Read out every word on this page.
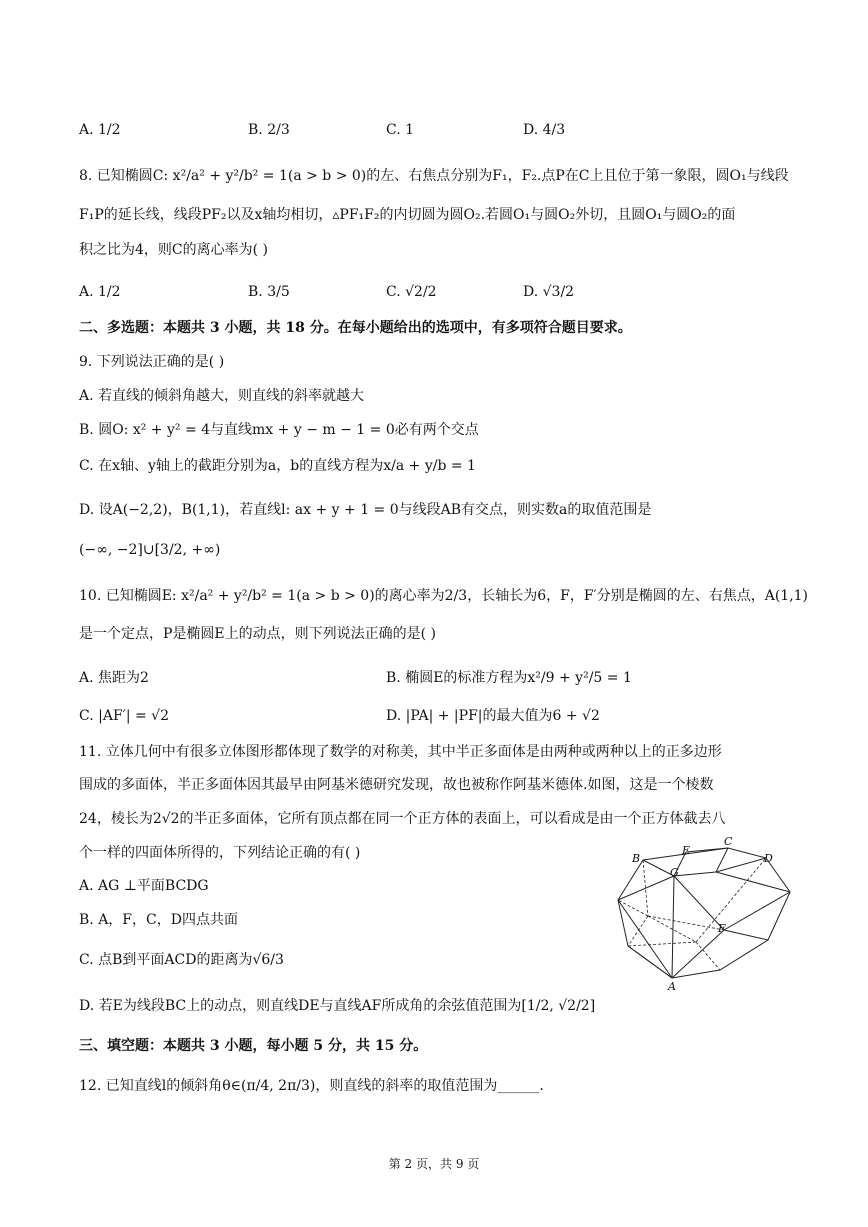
A. 1/2	B. 2/3	C. 1	D. 4/3
8. 已知椭圆C: x²/a² + y²/b² = 1(a > b > 0)的左、右焦点分别为F₁，F₂.点P在C上且位于第一象限，圆O₁与线段
F₁P的延长线，线段PF₂以及x轴均相切，▵PF₁F₂的内切圆为圆O₂.若圆O₁与圆O₂外切，且圆O₁与圆O₂的面
积之比为4，则C的离心率为( )
A. 1/2	B. 3/5	C. √2/2	D. √3/2
二、多选题：本题共 3 小题，共 18 分。在每小题给出的选项中，有多项符合题目要求。
9. 下列说法正确的是( )
A. 若直线的倾斜角越大，则直线的斜率就越大
B. 圆O: x² + y² = 4与直线mx + y − m − 1 = 0必有两个交点
C. 在x轴、y轴上的截距分别为a，b的直线方程为x/a + y/b = 1
D. 设A(−2,2)，B(1,1)，若直线l: ax + y + 1 = 0与线段AB有交点，则实数a的取值范围是
(−∞, −2]∪[3/2, +∞)
10. 已知椭圆E: x²/a² + y²/b² = 1(a > b > 0)的离心率为2/3，长轴长为6，F，F′分别是椭圆的左、右焦点，A(1,1)
是一个定点，P是椭圆E上的动点，则下列说法正确的是( )
A. 焦距为2	B. 椭圆E的标准方程为x²/9 + y²/5 = 1
C. |AF′| = √2	D. |PA| + |PF|的最大值为6 + √2
11. 立体几何中有很多立体图形都体现了数学的对称美，其中半正多面体是由两种或两种以上的正多边形
围成的多面体，半正多面体因其最早由阿基米德研究发现，故也被称作阿基米德体.如图，这是一个棱数
24，棱长为2√2的半正多面体，它所有顶点都在同一个正方体的表面上，可以看成是由一个正方体截去八
个一样的四面体所得的，下列结论正确的有( )
A. AG ⊥平面BCDG
B. A，F，C，D四点共面
C. 点B到平面ACD的距离为√6/3
D. 若E为线段BC上的动点，则直线DE与直线AF所成角的余弦值范围为[1/2, √2/2]
B
E
C
D
G
F
A
三、填空题：本题共 3 小题，每小题 5 分，共 15 分。
12. 已知直线l的倾斜角θ∈(π/4, 2π/3)，则直线的斜率的取值范围为______.
第 2 页，共 9 页
